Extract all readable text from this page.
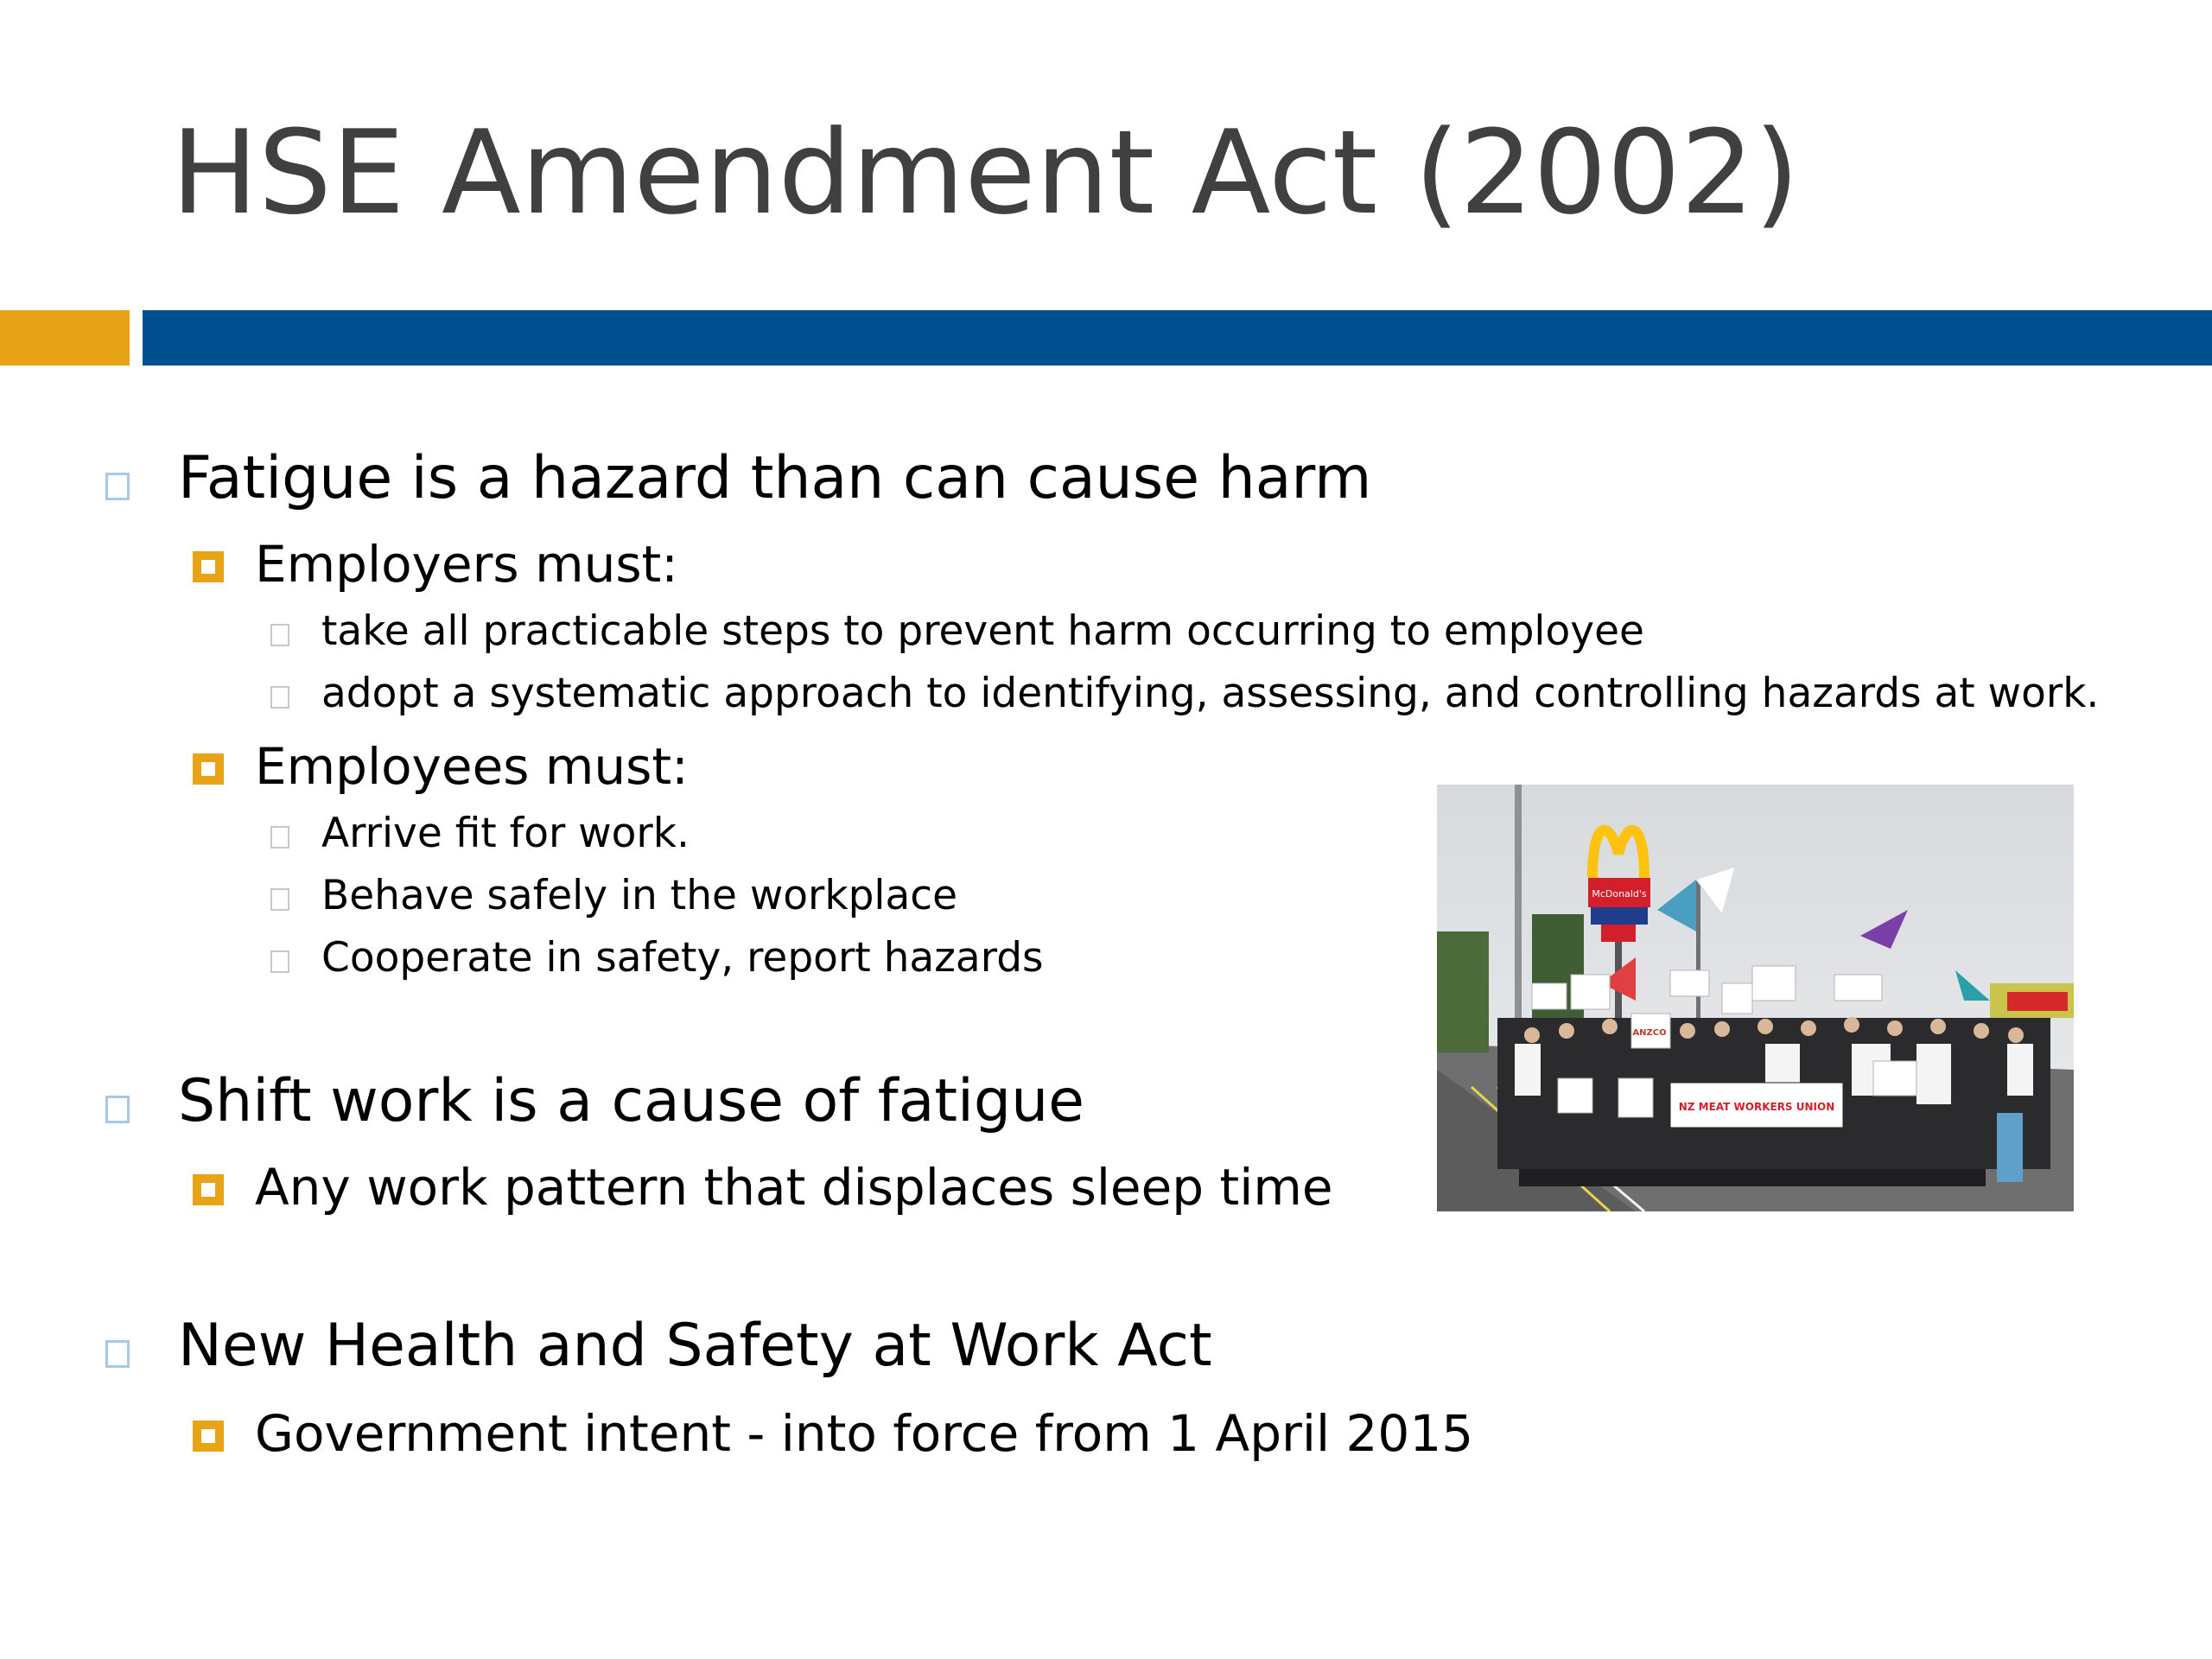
HSE Amendment Act (2002)
Fatigue is a hazard than can cause harm
Employers must:
take all practicable steps to prevent harm occurring to employee
adopt a systematic approach to identifying, assessing, and controlling hazards at work.
Employees must:
Arrive fit for work.
Behave safely in the workplace
Cooperate in safety, report hazards
Shift work is a cause of fatigue
Any work pattern that displaces sleep time
New Health and Safety at Work Act
Government intent - into force from 1 April 2015
McDonald's
ANZCO
NZ MEAT WORKERS UNION
